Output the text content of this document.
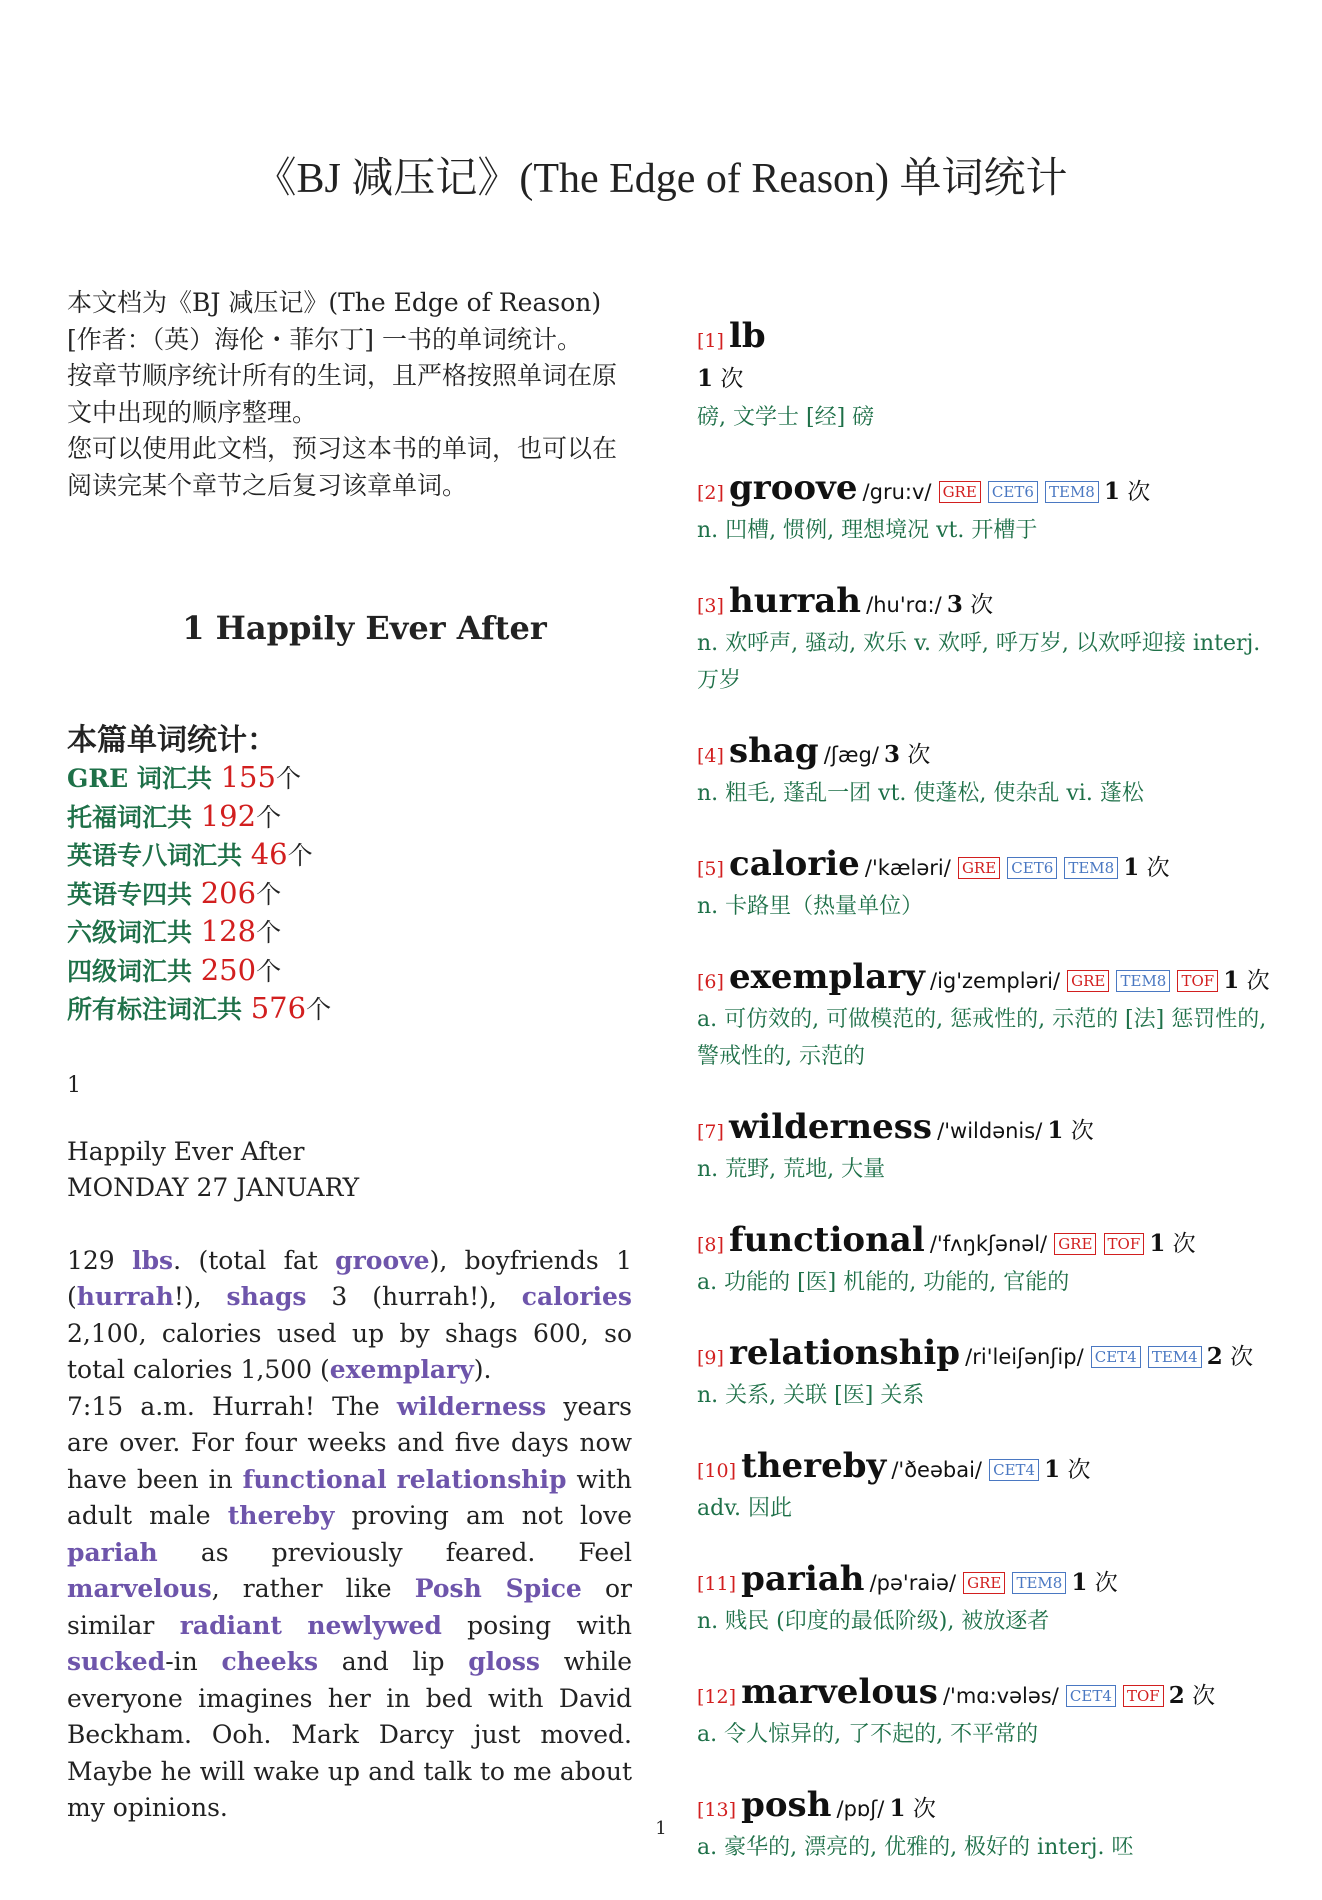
《BJ 减压记》(The Edge of Reason) 单词统计

本文档为《BJ 减压记》(The Edge of Reason)[作者：（英）海伦・菲尔丁] 一书的单词统计。

按章节顺序统计所有的生词，且严格按照单词在原文中出现的顺序整理。

您可以使用此文档，预习这本书的单词，也可以在阅读完某个章节之后复习该章单词。

1 Happily Ever After
本篇单词统计：
GRE 词汇共 155个
托福词汇共 192个
英语专八词汇共 46个
英语专四共 206个
六级词汇共 128个
四级词汇共 250个
所有标注词汇共 576个
1
Happily Ever After
MONDAY 27 JANUARY
129 lbs. (total fat groove), boyfriends 1 (hurrah!), shags 3 (hurrah!), calories 2,100, calories used up by shags 600, so total calories 1,500 (exemplary).
7:15 a.m. Hurrah! The wilderness years are over. For four weeks and five days now have been in functional relationship with adult male thereby proving am not love pariah as previously feared. Feel marvelous, rather like Posh Spice or similar radiant newlywed posing with sucked-in cheeks and lip gloss while everyone imagines her in bed with David Beckham. Ooh. Mark Darcy just moved. Maybe he will wake up and talk to me about my opinions.
[1] lb
1 次
磅, 文学士 [经] 磅
[2] groove /gru:v/ GRE CET6 TEM8 1 次
n. 凹槽, 惯例, 理想境况 vt. 开槽于
[3] hurrah /hu'rɑ:/ 3 次
n. 欢呼声, 骚动, 欢乐 v. 欢呼, 呼万岁, 以欢呼迎接 interj. 万岁
[4] shag /ʃæg/ 3 次
n. 粗毛, 蓬乱一团 vt. 使蓬松, 使杂乱 vi. 蓬松
[5] calorie /'kæləri/ GRE CET6 TEM8 1 次
n. 卡路里（热量单位）
[6] exemplary /ig'zempləri/ GRE TEM8 TOF 1 次
a. 可仿效的, 可做模范的, 惩戒性的, 示范的 [法] 惩罚性的, 警戒性的, 示范的
[7] wilderness /'wildənis/ 1 次
n. 荒野, 荒地, 大量
[8] functional /'fʌŋkʃənəl/ GRE TOF 1 次
a. 功能的 [医] 机能的, 功能的, 官能的
[9] relationship /ri'leiʃənʃip/ CET4 TEM4 2 次
n. 关系, 关联 [医] 关系
[10] thereby /'ðeəbai/ CET4 1 次
adv. 因此
[11] pariah /pə'raiə/ GRE TEM8 1 次
n. 贱民 (印度的最低阶级), 被放逐者
[12] marvelous /'mɑ:vələs/ CET4 TOF 2 次
a. 令人惊异的, 了不起的, 不平常的
[13] posh /pɒʃ/ 1 次
a. 豪华的, 漂亮的, 优雅的, 极好的 interj. 呸
1
